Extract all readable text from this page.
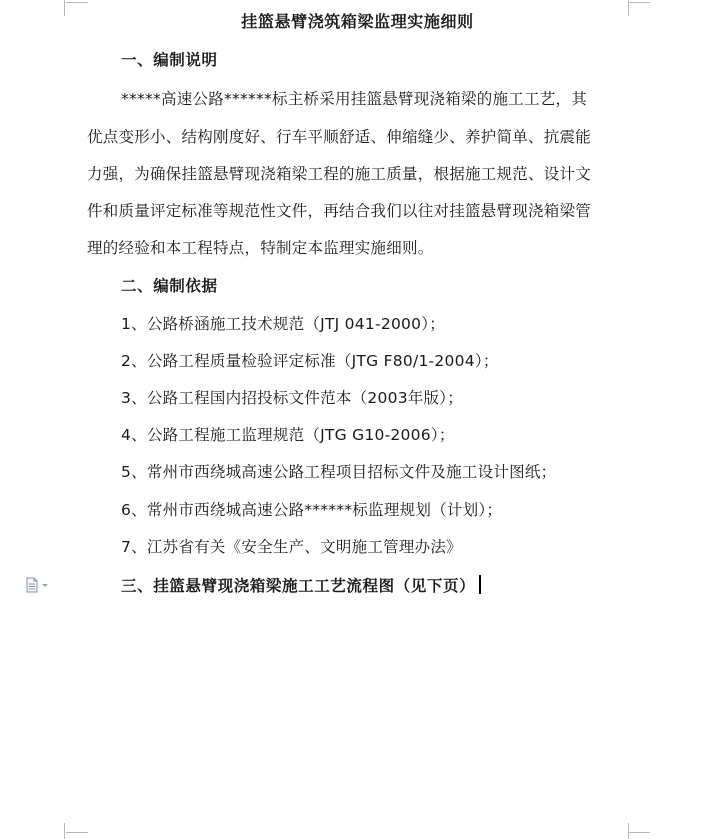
挂篮悬臂浇筑箱梁监理实施细则
一、编制说明
*****高速公路******标主桥采用挂篮悬臂现浇箱梁的施工工艺，其
优点变形小、结构刚度好、行车平顺舒适、伸缩缝少、养护简单、抗震能
力强，为确保挂篮悬臂现浇箱梁工程的施工质量，根据施工规范、设计文
件和质量评定标准等规范性文件，再结合我们以往对挂篮悬臂现浇箱梁管
理的经验和本工程特点，特制定本监理实施细则。
二、编制依据
1、公路桥涵施工技术规范（JTJ 041-2000）；
2、公路工程质量检验评定标准（JTG F80/1-2004）；
3、公路工程国内招投标文件范本（2003年版）；
4、公路工程施工监理规范（JTG G10-2006）；
5、常州市西绕城高速公路工程项目招标文件及施工设计图纸；
6、常州市西绕城高速公路******标监理规划（计划）；
7、江苏省有关《安全生产、文明施工管理办法》
三、挂篮悬臂现浇箱梁施工工艺流程图（见下页）
